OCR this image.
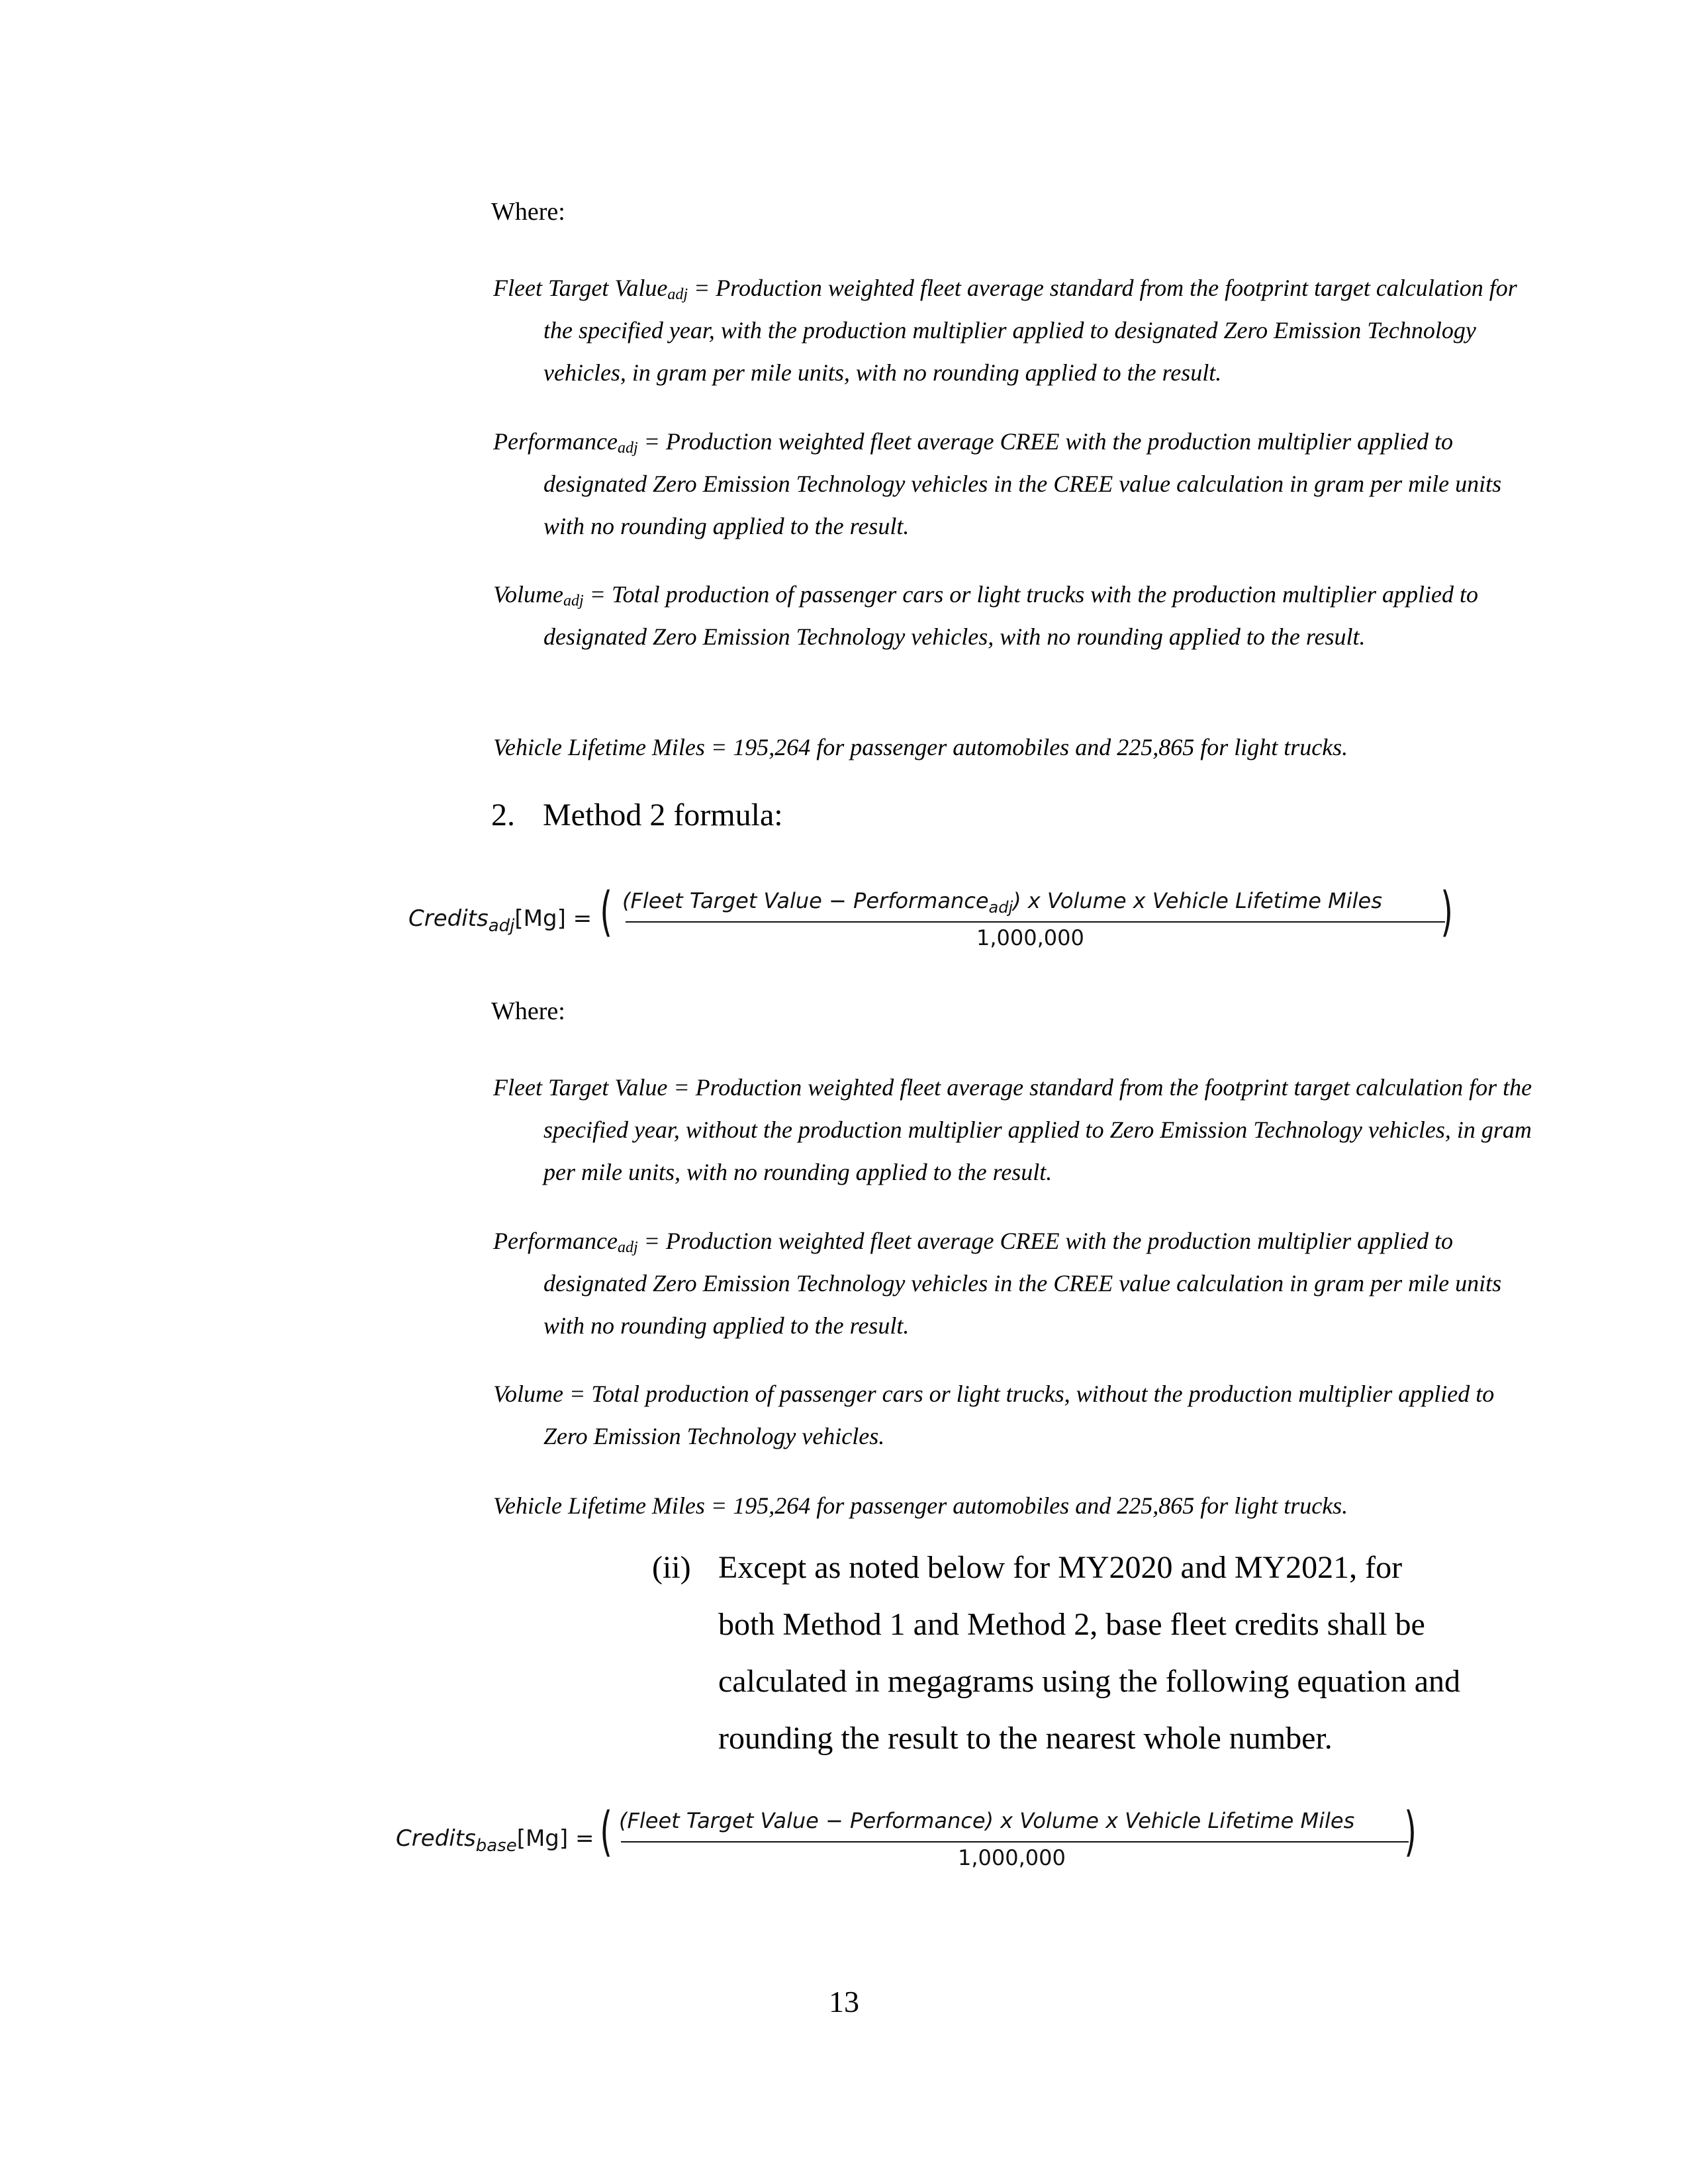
Where:
Fleet Target Value$_{adj}$ = Production weighted fleet average standard from the footprint target calculation for the specified year, with the production multiplier applied to designated Zero Emission Technology vehicles, in gram per mile units, with no rounding applied to the result.
Performance$_{adj}$ = Production weighted fleet average CREE with the production multiplier applied to designated Zero Emission Technology vehicles in the CREE value calculation in gram per mile units with no rounding applied to the result.
Volume$_{adj}$ = Total production of passenger cars or light trucks with the production multiplier applied to designated Zero Emission Technology vehicles, with no rounding applied to the result.
Vehicle Lifetime Miles = 195,264 for passenger automobiles and 225,865 for light trucks.
2. Method 2 formula:
Credits$_{adj}$[Mg] = ( (Fleet Target Value − Performance$_{adj}$) x Volume x Vehicle Lifetime Miles
1,000,000	)
Where:
Fleet Target Value = Production weighted fleet average standard from the footprint target calculation for the specified year, without the production multiplier applied to Zero Emission Technology vehicles, in gram per mile units, with no rounding applied to the result.
Performance$_{adj}$ = Production weighted fleet average CREE with the production multiplier applied to designated Zero Emission Technology vehicles in the CREE value calculation in gram per mile units with no rounding applied to the result.
Volume = Total production of passenger cars or light trucks, without the production multiplier applied to Zero Emission Technology vehicles.
Vehicle Lifetime Miles = 195,264 for passenger automobiles and 225,865 for light trucks.
(ii) Except as noted below for MY2020 and MY2021, for
both Method 1 and Method 2, base fleet credits shall be
calculated in megagrams using the following equation and
rounding the result to the nearest whole number.
Credits$_{base}$[Mg] = ( (Fleet Target Value − Performance) x Volume x Vehicle Lifetime Miles
1,000,000	)
13
